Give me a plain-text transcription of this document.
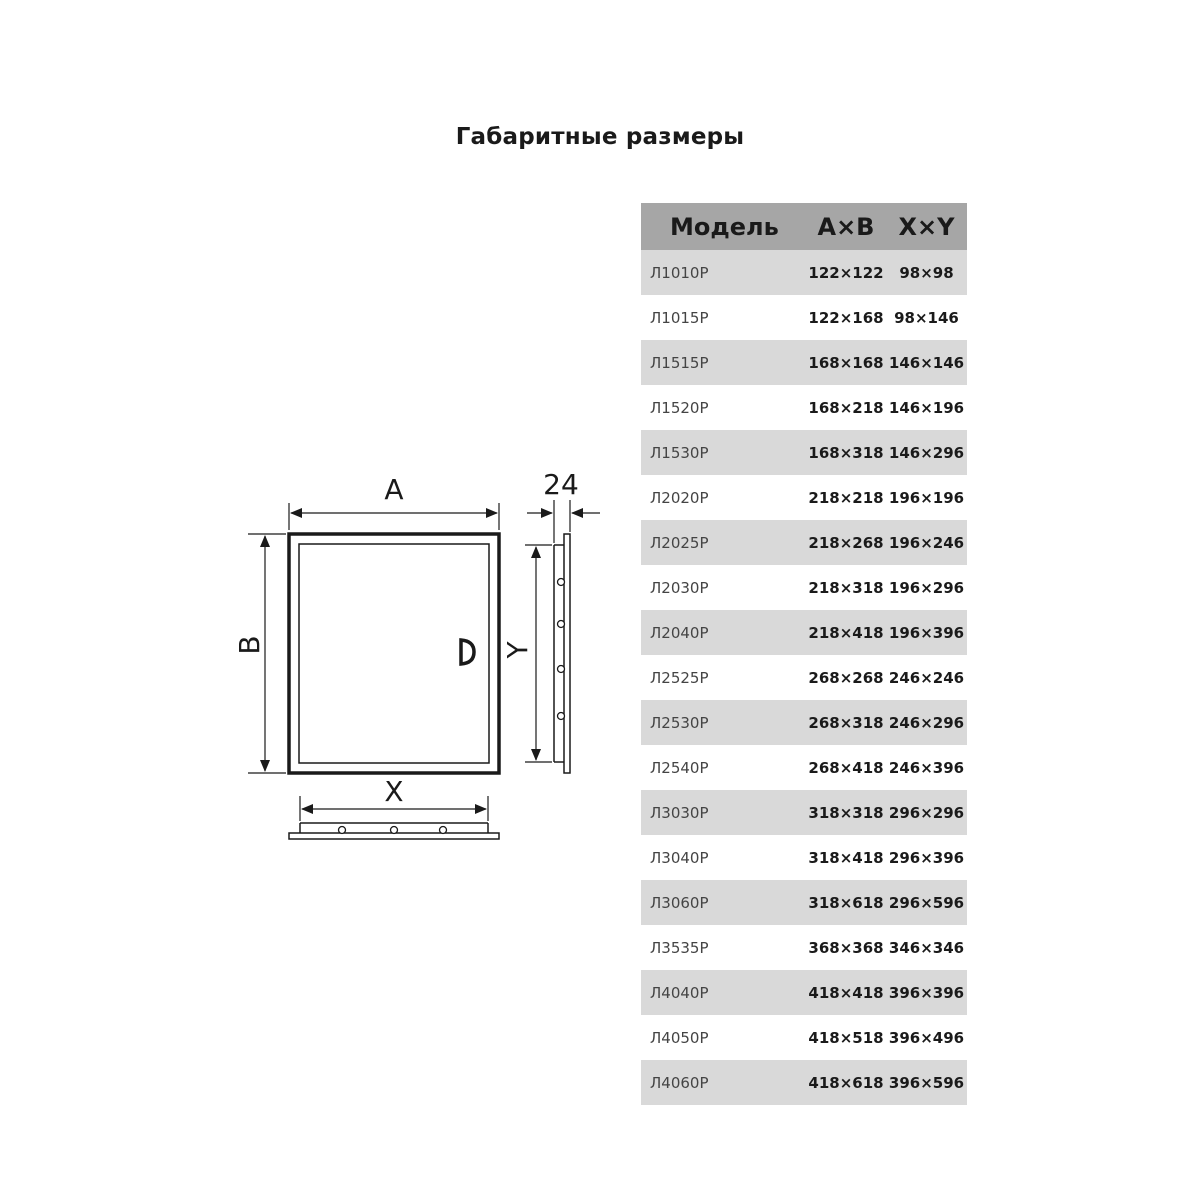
Габаритные размеры
A
B
24
Y
X
Модель	A×B	X×Y
Л1010Р	122×122	98×98
Л1015Р	122×168 98×146
Л1515Р	168×168 146×146
Л1520Р	168×218 146×196
Л1530Р	168×318 146×296
Л2020Р	218×218 196×196
Л2025Р	218×268 196×246
Л2030Р	218×318 196×296
Л2040Р	218×418 196×396
Л2525Р	268×268 246×246
Л2530Р	268×318 246×296
Л2540Р	268×418 246×396
Л3030Р	318×318 296×296
Л3040Р	318×418 296×396
Л3060Р	318×618 296×596
Л3535Р	368×368 346×346
Л4040Р	418×418 396×396
Л4050Р	418×518 396×496
Л4060Р	418×618 396×596
